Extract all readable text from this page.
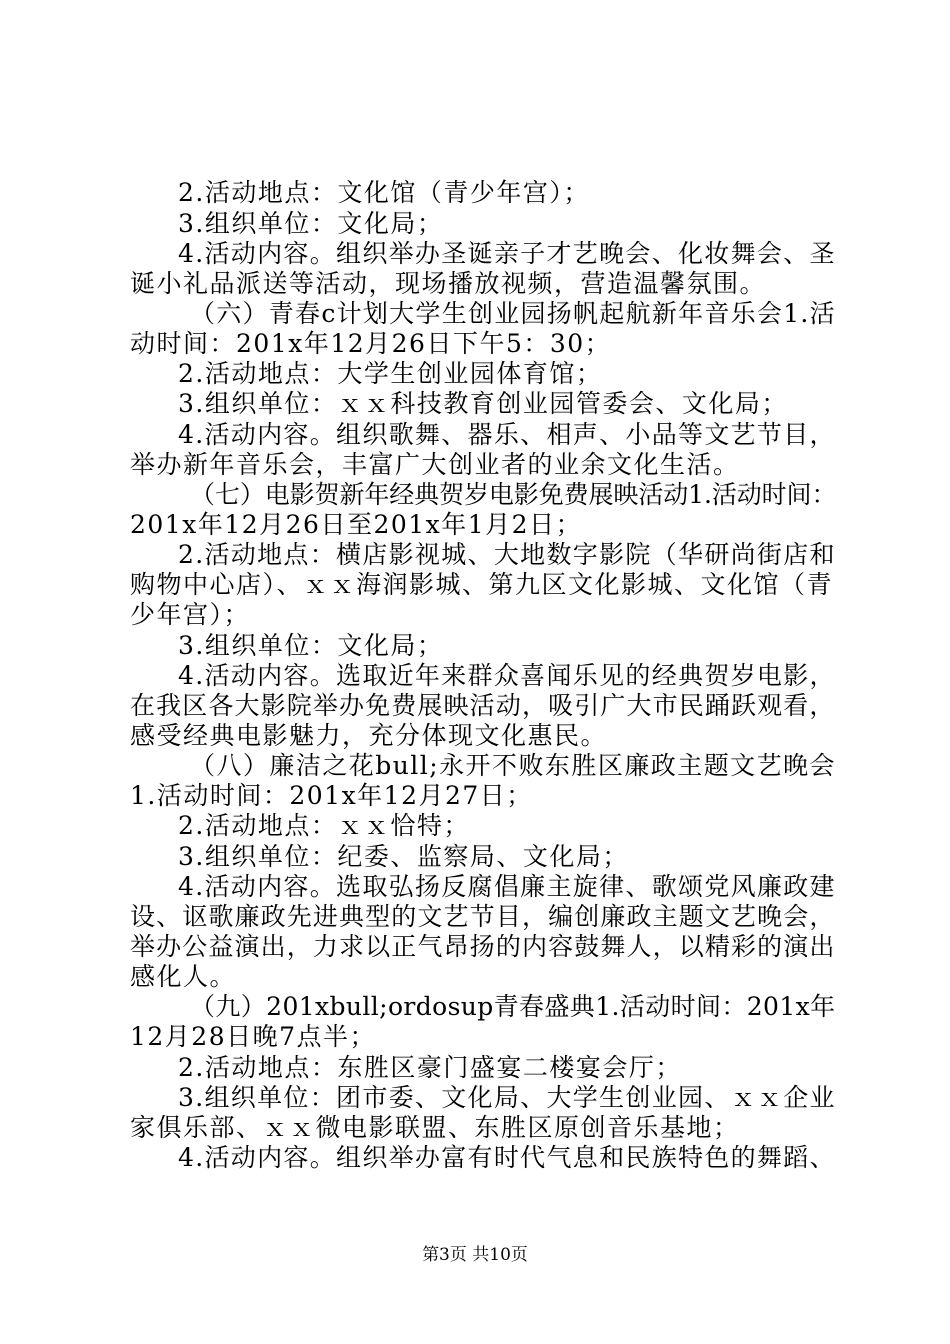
2.活动地点：文化馆（青少年宫）；
3.组织单位：文化局；
4.活动内容。组织举办圣诞亲子才艺晚会、化妆舞会、圣
诞小礼品派送等活动，现场播放视频，营造温馨氛围。
（六）青春c计划大学生创业园扬帆起航新年音乐会1.活
动时间：201x年12月26日下午5：30；
2.活动地点：大学生创业园体育馆；
3.组织单位：ｘｘ科技教育创业园管委会、文化局；
4.活动内容。组织歌舞、器乐、相声、小品等文艺节目，
举办新年音乐会，丰富广大创业者的业余文化生活。
（七）电影贺新年经典贺岁电影免费展映活动1.活动时间：
201x年12月26日至201x年1月2日；
2.活动地点：横店影视城、大地数字影院（华研尚街店和
购物中心店）、ｘｘ海润影城、第九区文化影城、文化馆（青
少年宫）；
3.组织单位：文化局；
4.活动内容。选取近年来群众喜闻乐见的经典贺岁电影，
在我区各大影院举办免费展映活动，吸引广大市民踊跃观看，
感受经典电影魅力，充分体现文化惠民。
（八）廉洁之花bull;永开不败东胜区廉政主题文艺晚会
1.活动时间：201x年12月27日；
2.活动地点：ｘｘ恰特；
3.组织单位：纪委、监察局、文化局；
4.活动内容。选取弘扬反腐倡廉主旋律、歌颂党风廉政建
设、讴歌廉政先进典型的文艺节目，编创廉政主题文艺晚会，
举办公益演出，力求以正气昂扬的内容鼓舞人，以精彩的演出
感化人。
（九）201xbull;ordosup青春盛典1.活动时间：201x年
12月28日晚7点半；
2.活动地点：东胜区豪门盛宴二楼宴会厅；
3.组织单位：团市委、文化局、大学生创业园、ｘｘ企业
家俱乐部、ｘｘ微电影联盟、东胜区原创音乐基地；
4.活动内容。组织举办富有时代气息和民族特色的舞蹈、
第3页 共10页
